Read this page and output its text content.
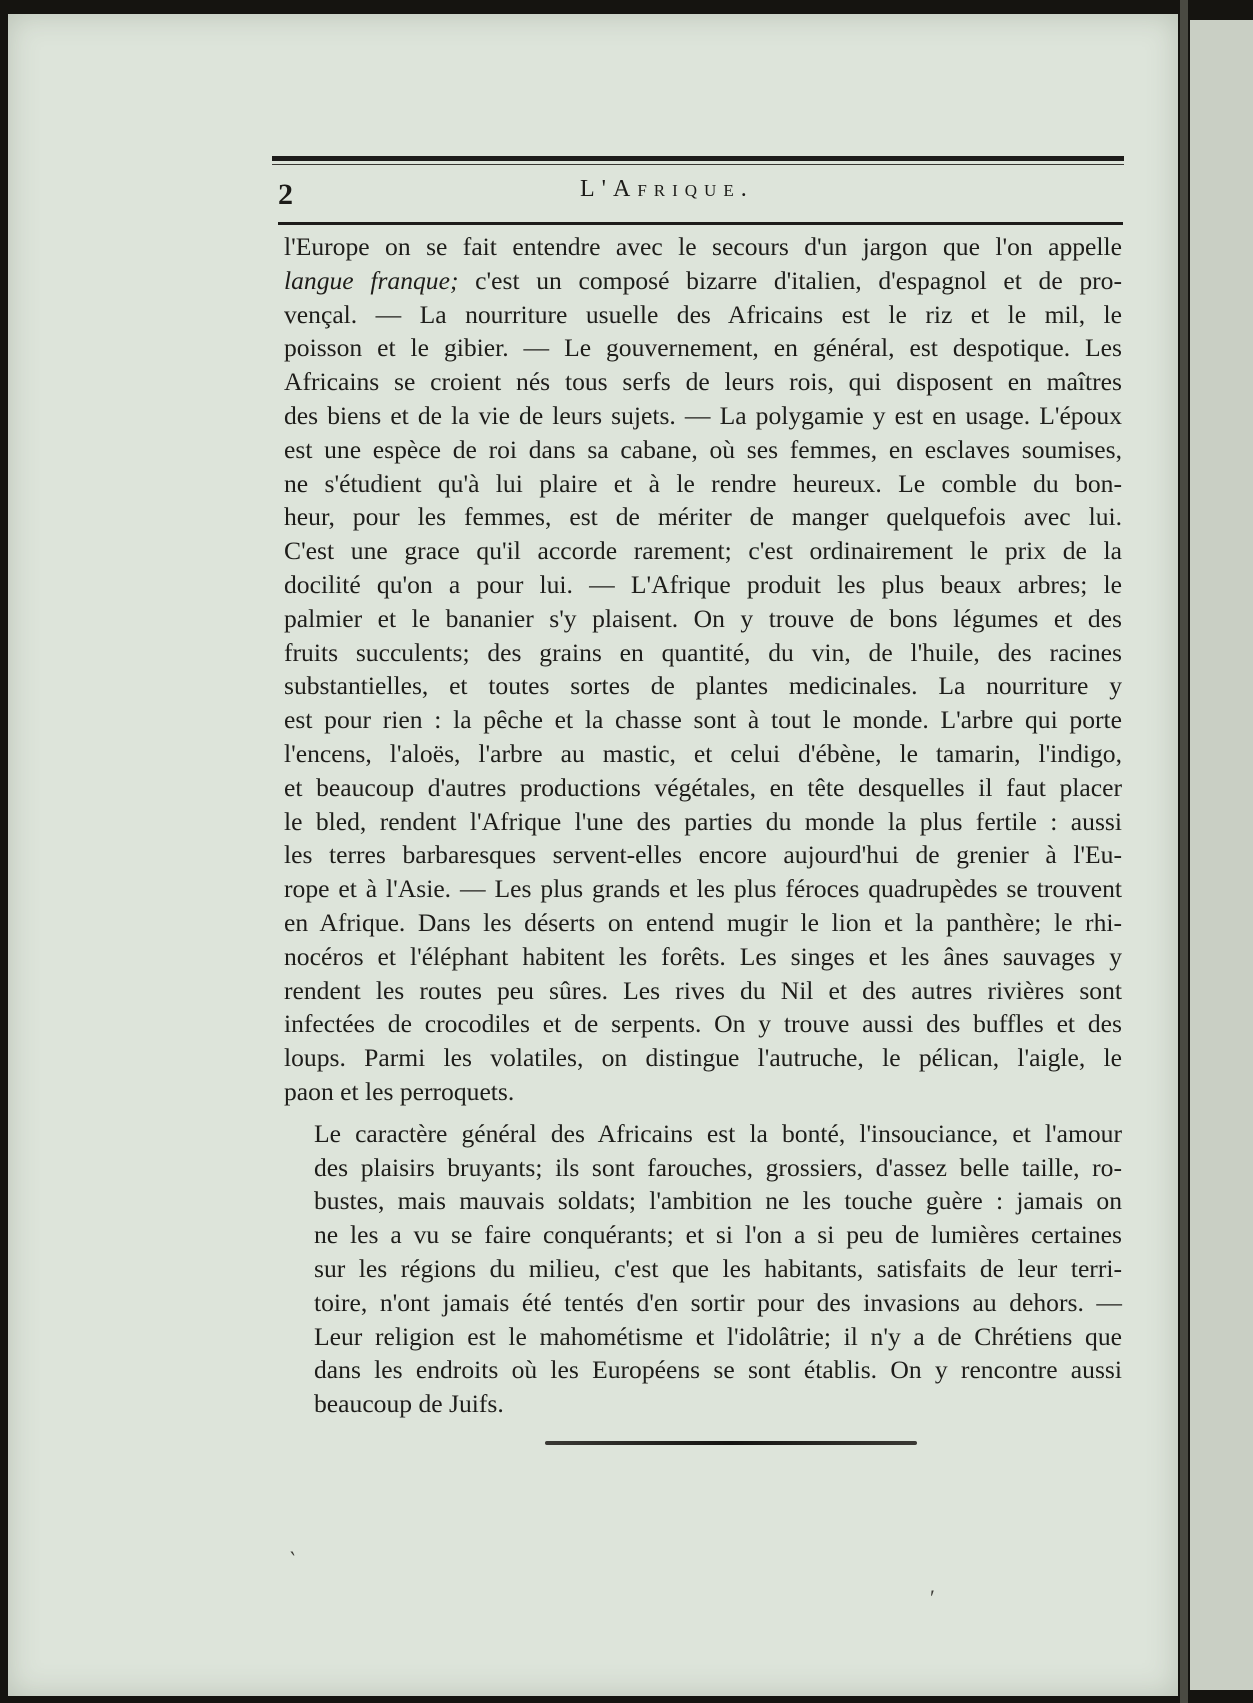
2	L'Afrique.

l'Europe on se fait entendre avec le secours d'un jargon que l'on appelle
langue franque; c'est un composé bizarre d'italien, d'espagnol et de pro-
vençal. — La nourriture usuelle des Africains est le riz et le mil, le
poisson et le gibier. — Le gouvernement, en général, est despotique. Les
Africains se croient nés tous serfs de leurs rois, qui disposent en maîtres
des biens et de la vie de leurs sujets. — La polygamie y est en usage. L'époux
est une espèce de roi dans sa cabane, où ses femmes, en esclaves soumises,
ne s'étudient qu'à lui plaire et à le rendre heureux. Le comble du bon-
heur, pour les femmes, est de mériter de manger quelquefois avec lui.
C'est une grace qu'il accorde rarement; c'est ordinairement le prix de la
docilité qu'on a pour lui. — L'Afrique produit les plus beaux arbres; le
palmier et le bananier s'y plaisent. On y trouve de bons légumes et des
fruits succulents; des grains en quantité, du vin, de l'huile, des racines
substantielles, et toutes sortes de plantes medicinales. La nourriture y
est pour rien : la pêche et la chasse sont à tout le monde. L'arbre qui porte
l'encens, l'aloës, l'arbre au mastic, et celui d'ébène, le tamarin, l'indigo,
et beaucoup d'autres productions végétales, en tête desquelles il faut placer
le bled, rendent l'Afrique l'une des parties du monde la plus fertile : aussi
les terres barbaresques servent-elles encore aujourd'hui de grenier à l'Eu-
rope et à l'Asie. — Les plus grands et les plus féroces quadrupèdes se trouvent
en Afrique. Dans les déserts on entend mugir le lion et la panthère; le rhi-
nocéros et l'éléphant habitent les forêts. Les singes et les ânes sauvages y
rendent les routes peu sûres. Les rives du Nil et des autres rivières sont
infectées de crocodiles et de serpents. On y trouve aussi des buffles et des
loups. Parmi les volatiles, on distingue l'autruche, le pélican, l'aigle, le
paon et les perroquets.

Le caractère général des Africains est la bonté, l'insouciance, et l'amour
des plaisirs bruyants; ils sont farouches, grossiers, d'assez belle taille, ro-
bustes, mais mauvais soldats; l'ambition ne les touche guère : jamais on
ne les a vu se faire conquérants; et si l'on a si peu de lumières certaines
sur les régions du milieu, c'est que les habitants, satisfaits de leur terri-
toire, n'ont jamais été tentés d'en sortir pour des invasions au dehors. —
Leur religion est le mahométisme et l'idolâtrie; il n'y a de Chrétiens que
dans les endroits où les Européens se sont établis. On y rencontre aussi
beaucoup de Juifs.

‵
′
